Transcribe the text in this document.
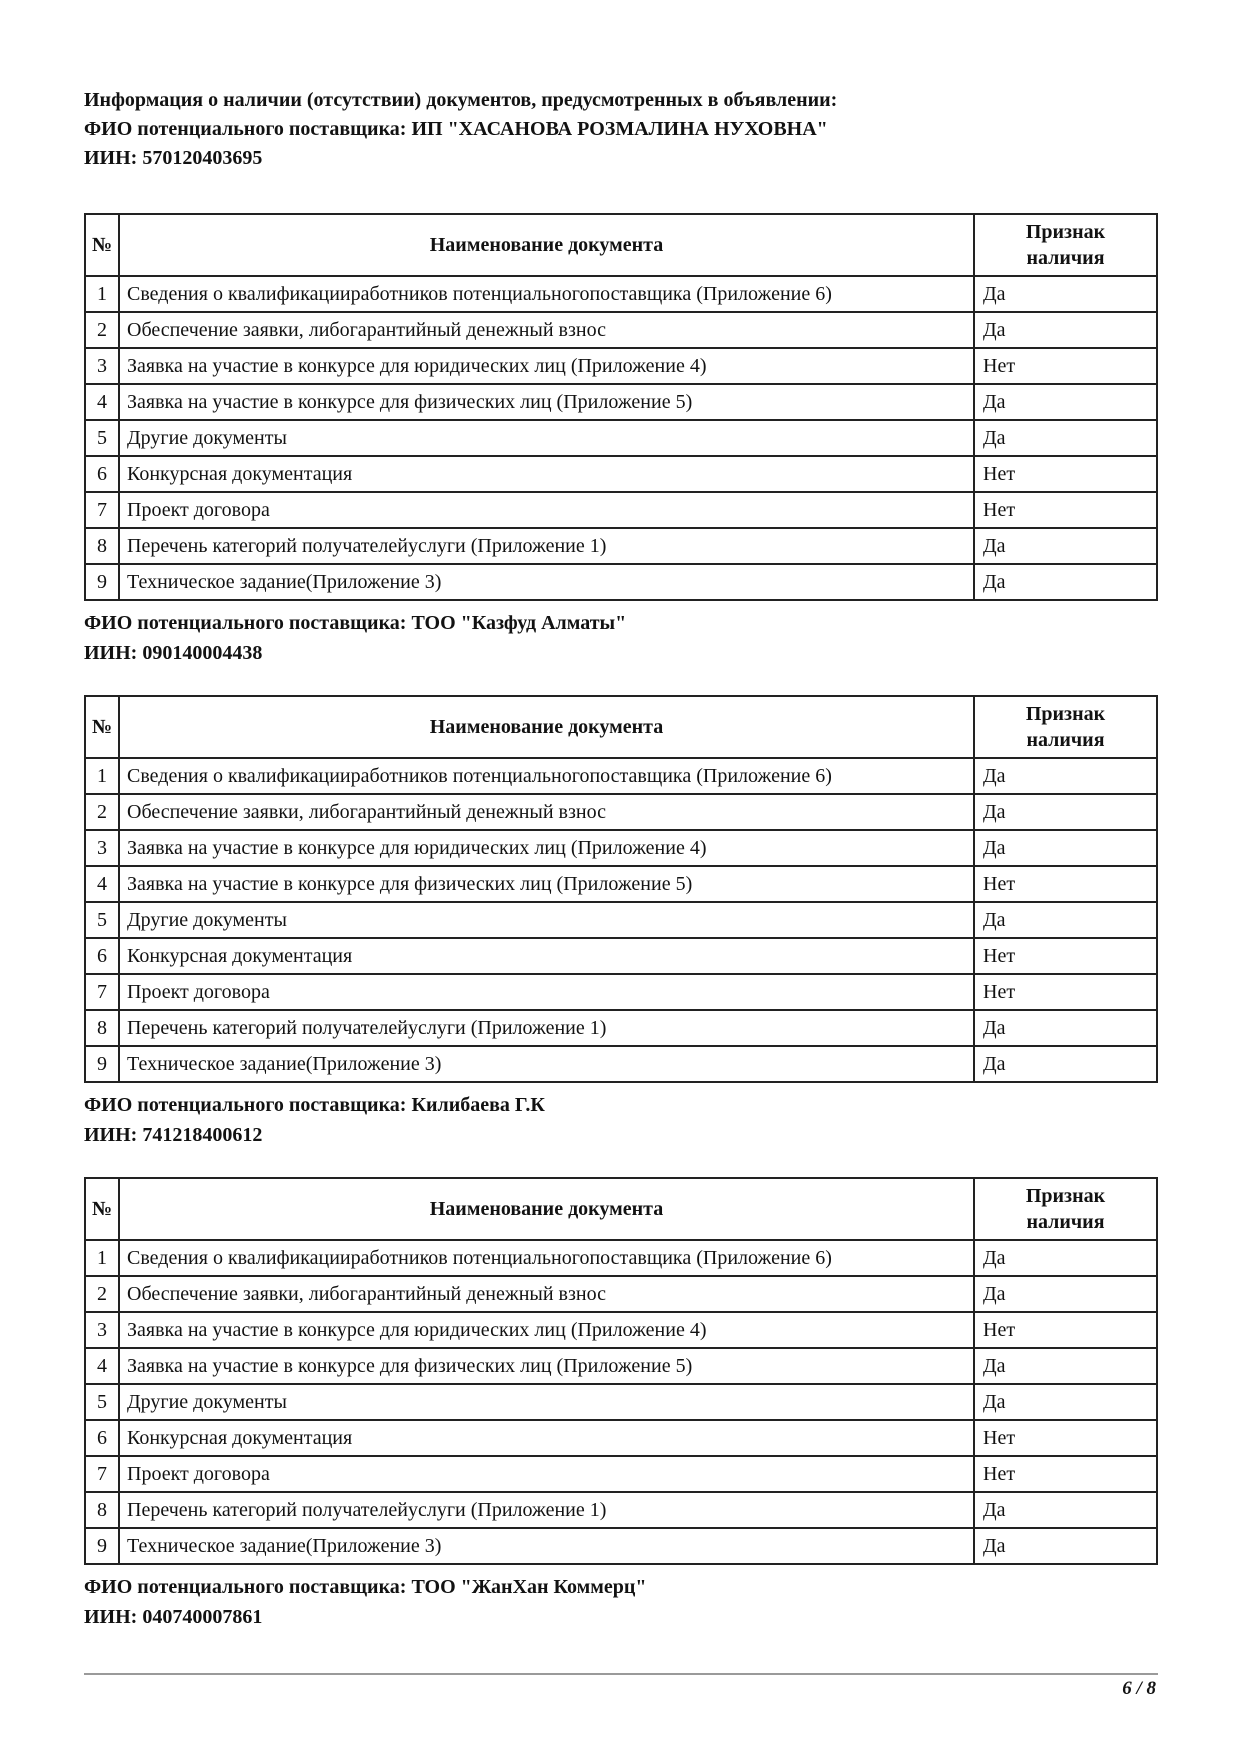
Информация о наличии (отсутствии) документов, предусмотренных в объявлении:
ФИО потенциального поставщика: ИП "ХАСАНОВА РОЗМАЛИНА НУХОВНА"
ИИН: 570120403695
№	Наименование документа	Признак наличия

1	Сведения о квалификацииработников потенциальногопоставщика (Приложение 6)	Да
2	Обеспечение заявки, либогарантийный денежный взнос	Да
3	Заявка на участие в конкурсе для юридических лиц (Приложение 4)	Нет
4	Заявка на участие в конкурсе для физических лиц (Приложение 5)	Да
5	Другие документы	Да
6	Конкурсная документация	Нет
7	Проект договора	Нет
8	Перечень категорий получателейуслуги (Приложение 1)	Да
9	Техническое задание(Приложение 3)	Да
ФИО потенциального поставщика: ТОО "Казфуд Алматы"
ИИН: 090140004438
№	Наименование документа	Признак наличия

1	Сведения о квалификацииработников потенциальногопоставщика (Приложение 6)	Да
2	Обеспечение заявки, либогарантийный денежный взнос	Да
3	Заявка на участие в конкурсе для юридических лиц (Приложение 4)	Да
4	Заявка на участие в конкурсе для физических лиц (Приложение 5)	Нет
5	Другие документы	Да
6	Конкурсная документация	Нет
7	Проект договора	Нет
8	Перечень категорий получателейуслуги (Приложение 1)	Да
9	Техническое задание(Приложение 3)	Да
ФИО потенциального поставщика: Килибаева Г.К
ИИН: 741218400612
№	Наименование документа	Признак наличия

1	Сведения о квалификацииработников потенциальногопоставщика (Приложение 6)	Да
2	Обеспечение заявки, либогарантийный денежный взнос	Да
3	Заявка на участие в конкурсе для юридических лиц (Приложение 4)	Нет
4	Заявка на участие в конкурсе для физических лиц (Приложение 5)	Да
5	Другие документы	Да
6	Конкурсная документация	Нет
7	Проект договора	Нет
8	Перечень категорий получателейуслуги (Приложение 1)	Да
9	Техническое задание(Приложение 3)	Да
ФИО потенциального поставщика: ТОО "ЖанХан Коммерц"
ИИН: 040740007861
6 / 8
